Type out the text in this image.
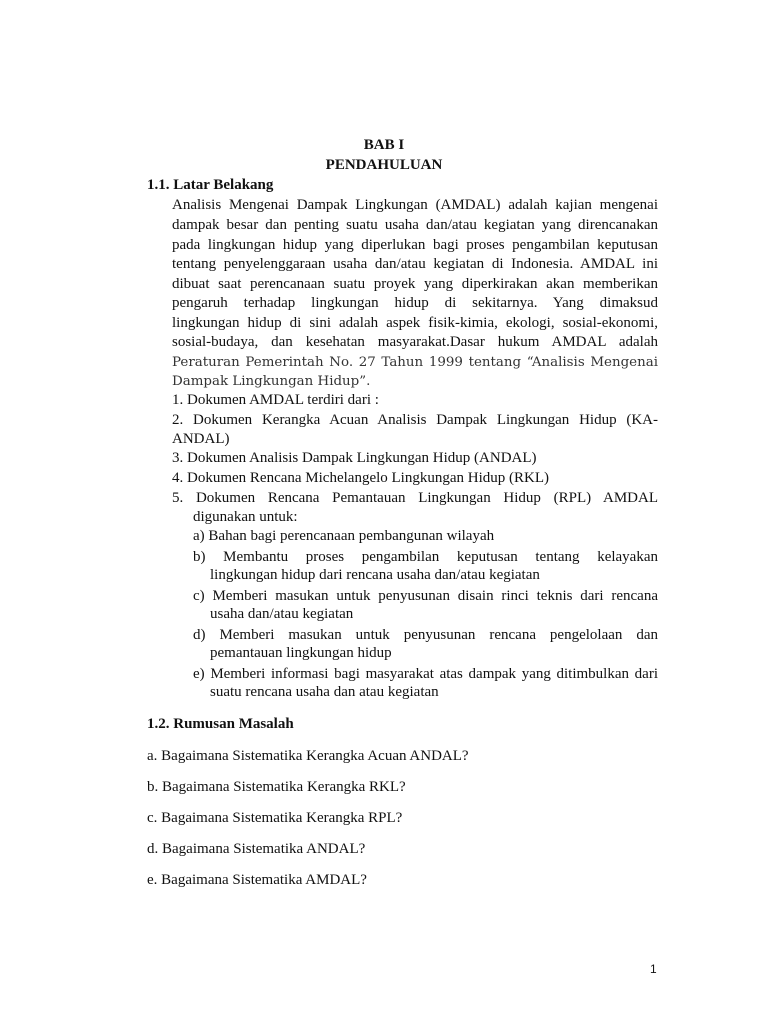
BAB I
PENDAHULUAN
1.1. Latar Belakang
Analisis Mengenai Dampak Lingkungan (AMDAL) adalah kajian mengenai
dampak besar dan penting suatu usaha dan/atau kegiatan yang direncanakan
pada lingkungan hidup yang diperlukan bagi proses pengambilan keputusan
tentang penyelenggaraan usaha dan/atau kegiatan di Indonesia. AMDAL ini
dibuat saat perencanaan suatu proyek yang diperkirakan akan memberikan
pengaruh terhadap lingkungan hidup di sekitarnya. Yang dimaksud
lingkungan hidup di sini adalah aspek fisik-kimia, ekologi, sosial-ekonomi,
sosial-budaya, dan kesehatan masyarakat.Dasar hukum AMDAL adalah
Peraturan Pemerintah No. 27 Tahun 1999 tentang “Analisis Mengenai
Dampak Lingkungan Hidup”.
1. Dokumen AMDAL terdiri dari :
2. Dokumen Kerangka Acuan Analisis Dampak Lingkungan Hidup (KA-
ANDAL)
3. Dokumen Analisis Dampak Lingkungan Hidup (ANDAL)
4. Dokumen Rencana Michelangelo Lingkungan Hidup (RKL)
5. Dokumen Rencana Pemantauan Lingkungan Hidup (RPL) AMDAL
digunakan untuk:
a) Bahan bagi perencanaan pembangunan wilayah
b) Membantu proses pengambilan keputusan tentang kelayakan
lingkungan hidup dari rencana usaha dan/atau kegiatan
c) Memberi masukan untuk penyusunan disain rinci teknis dari rencana
usaha dan/atau kegiatan
d) Memberi masukan untuk penyusunan rencana pengelolaan dan
pemantauan lingkungan hidup
e) Memberi informasi bagi masyarakat atas dampak yang ditimbulkan dari
suatu rencana usaha dan atau kegiatan
1.2. Rumusan Masalah
a. Bagaimana Sistematika Kerangka Acuan ANDAL?
b. Bagaimana Sistematika Kerangka RKL?
c. Bagaimana Sistematika Kerangka RPL?
d. Bagaimana Sistematika ANDAL?
e. Bagaimana Sistematika AMDAL?
1
